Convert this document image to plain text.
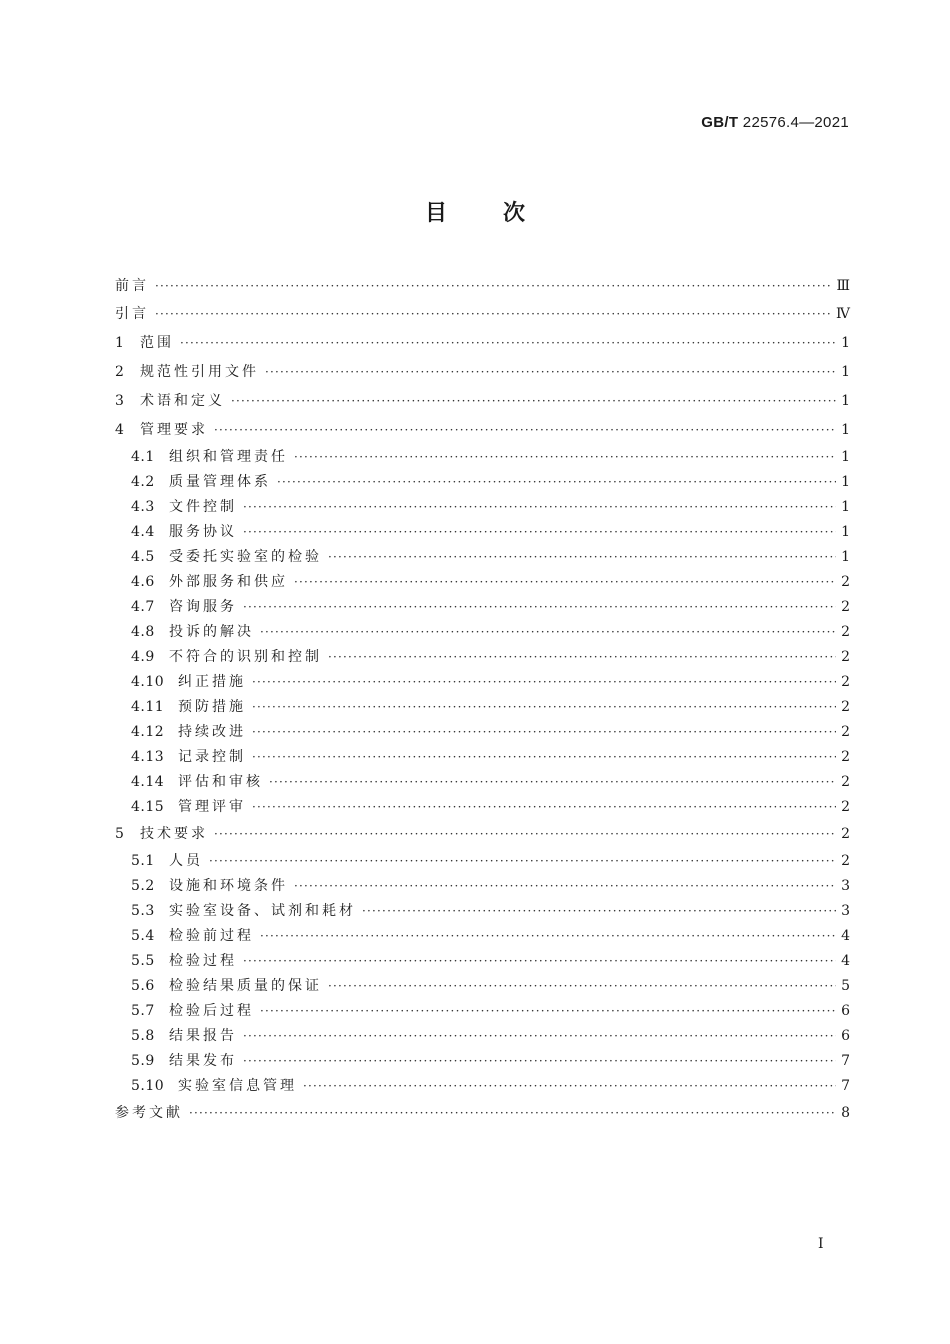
GB/T 22576.4—2021
目	次
前言 ·····	Ⅲ
引言 ·····	Ⅳ
1	范围 ·····	1
2	规范性引用文件 ·····	1
3	术语和定义 ·····	1
4	管理要求 ·····	1
4.1	组织和管理责任 ·····	1
4.2	质量管理体系 ·····	1
4.3	文件控制 ·····	1
4.4	服务协议 ·····	1
4.5	受委托实验室的检验 ·····	1
4.6	外部服务和供应 ·····	2
4.7	咨询服务 ·····	2
4.8	投诉的解决 ·····	2
4.9	不符合的识别和控制 ·····	2
4.10 纠正措施 ·····	2
4.11 预防措施 ·····	2
4.12 持续改进 ·····	2
4.13 记录控制 ·····	2
4.14 评估和审核 ·····	2
4.15 管理评审 ·····	2
5	技术要求 ·····	2
5.1	人员 ·····	2
5.2	设施和环境条件 ·····	3
5.3	实验室设备、试剂和耗材 ·····	3
5.4	检验前过程 ·····	4
5.5	检验过程 ·····	4
5.6	检验结果质量的保证 ·····	5
5.7	检验后过程 ·····	6
5.8	结果报告 ·····	6
5.9	结果发布 ·····	7
5.10 实验室信息管理 ·····	7
参考文献 ·····	8
Ⅰ
